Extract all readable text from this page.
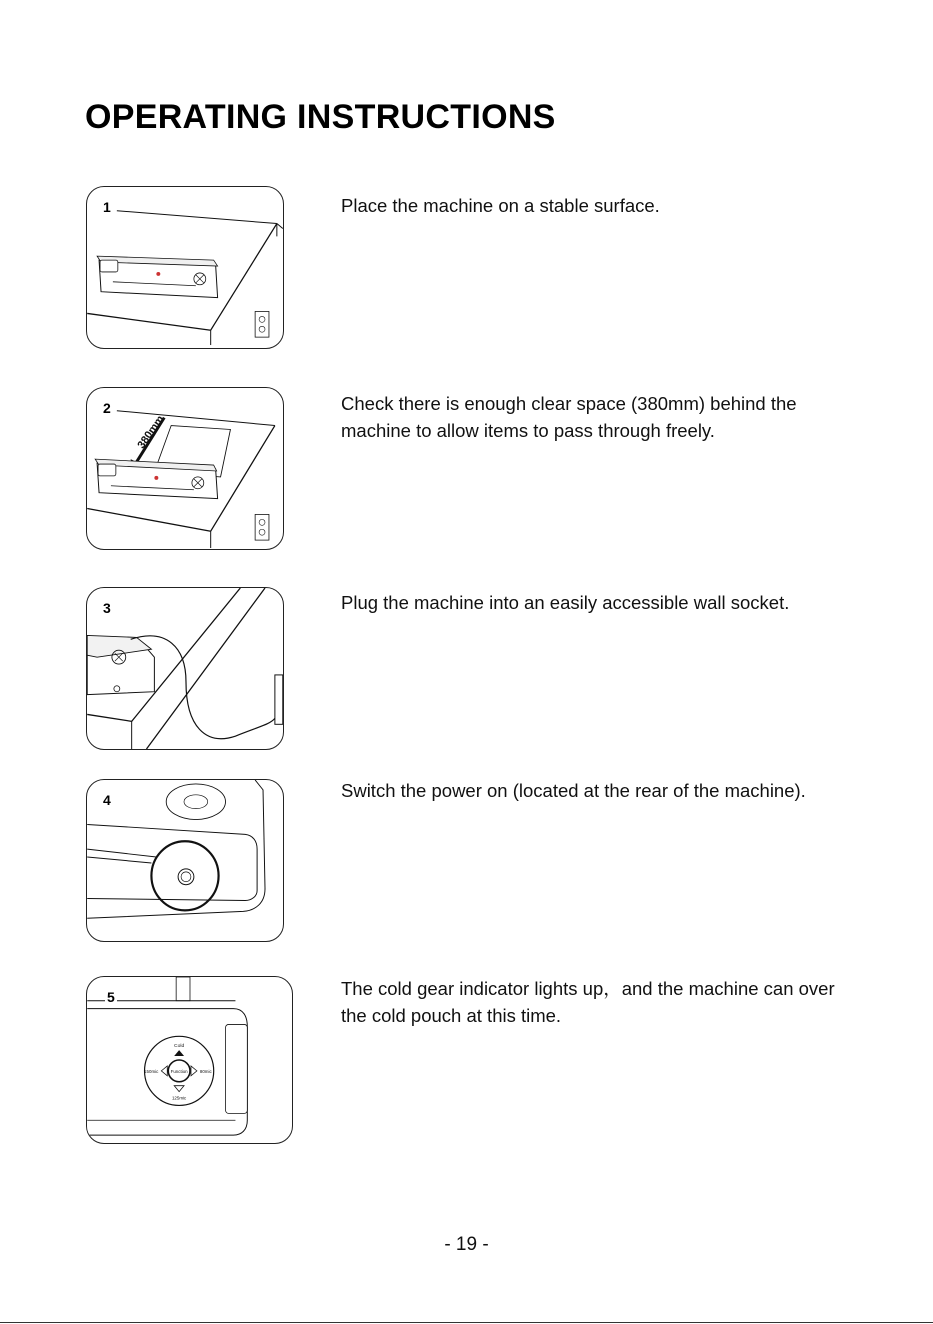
OPERATING INSTRUCTIONS
1	Place the machine on a stable surface.

380mm
2	Check there is enough clear space (380mm) behind the machine to allow items to pass through freely.

3	Plug the machine into an easily accessible wall socket.

4	Switch the power on (located at the rear of the machine).

Cold
Function
150mic	80mic
125mic
5	The cold gear indicator lights up，and the machine can over the cold pouch at this time.

- 19 -
